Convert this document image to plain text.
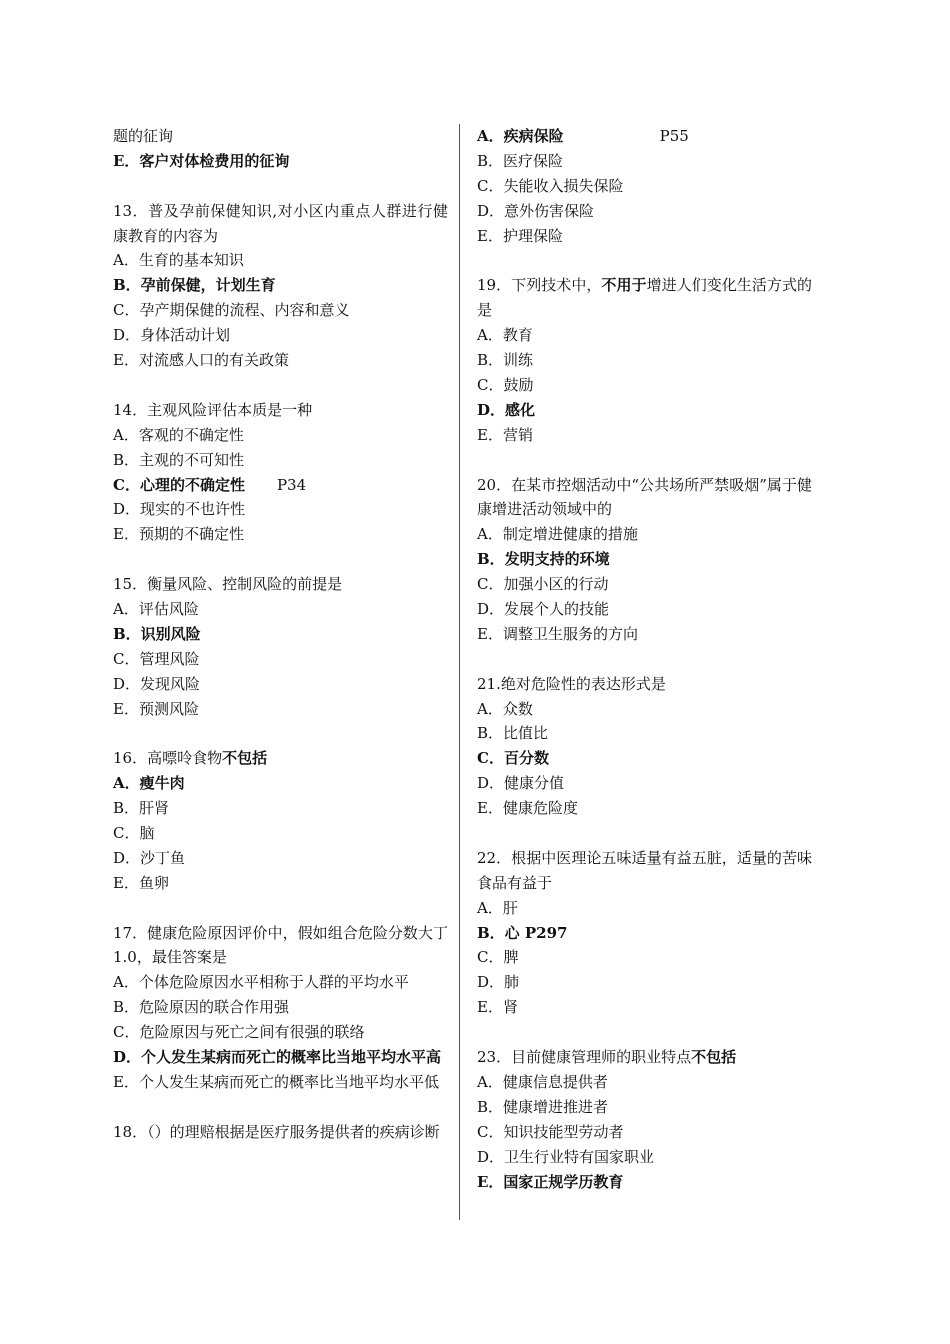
题的征询
E．客户对体检费用的征询
13．普及孕前保健知识,对小区内重点人群进行健康教育的内容为
A．生育的基本知识
B．孕前保健，计划生育
C．孕产期保健的流程、内容和意义
D．身体活动计划
E．对流感人口的有关政策
14．主观风险评估本质是一种
A．客观的不确定性
B．主观的不可知性
C．心理的不确定性 P34
D．现实的不也许性
E．预期的不确定性
15．衡量风险、控制风险的前提是
A．评估风险
B．识别风险
C．管理风险
D．发现风险
E．预测风险
16．高嘌呤食物不包括
A．瘦牛肉
B．肝肾
C．脑
D．沙丁鱼
E．鱼卵
17．健康危险原因评价中，假如组合危险分数大丁1.0，最佳答案是
A．个体危险原因水平相称于人群的平均水平
B．危险原因的联合作用强
C．危险原因与死亡之间有很强的联络
D．个人发生某病而死亡的概率比当地平均水平高
E．个人发生某病而死亡的概率比当地平均水平低
18．（）的理赔根据是医疗服务提供者的疾病诊断
A．疾病保险	P55
B．医疗保险
C．失能收入损失保险
D．意外伤害保险
E．护理保险
19．下列技术中，不用于增进人们变化生活方式的是
A．教育
B．训练
C．鼓励
D．感化
E．营销
20．在某市控烟活动中“公共场所严禁吸烟”属于健康增进活动领域中的
A．制定增进健康的措施
B．发明支持的环境
C．加强小区的行动
D．发展个人的技能
E．调整卫生服务的方向
21.绝对危险性的表达形式是
A．众数
B．比值比
C．百分数
D．健康分值
E．健康危险度
22．根据中医理论五味适量有益五脏，适量的苦味食品有益于
A．肝
B．心 P297
C．脾
D．肺
E．肾
23．目前健康管理师的职业特点不包括
A．健康信息提供者
B．健康增进推进者
C．知识技能型劳动者
D．卫生行业特有国家职业
E．国家正规学历教育
